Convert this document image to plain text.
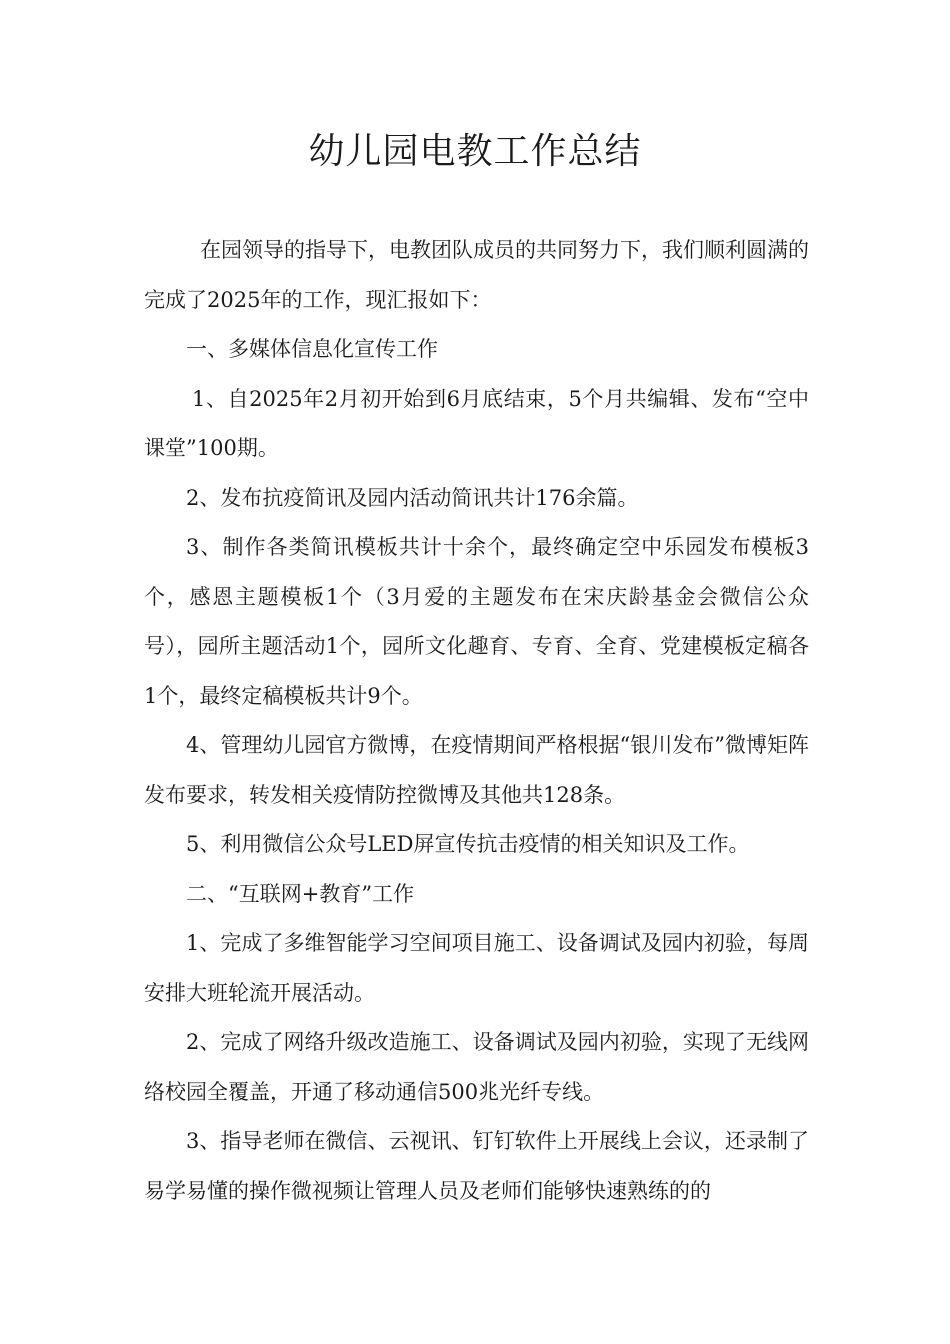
幼儿园电教工作总结

在园领导的指导下，电教团队成员的共同努力下，我们顺利圆满的完成了2025年的工作，现汇报如下：

一、多媒体信息化宣传工作

1、自2025年2月初开始到6月底结束，5个月共编辑、发布“空中课堂”100期。

2、发布抗疫简讯及园内活动简讯共计176余篇。

3、制作各类简讯模板共计十余个，最终确定空中乐园发布模板3个，感恩主题模板1个（3月爱的主题发布在宋庆龄基金会微信公众号），园所主题活动1个，园所文化趣育、专育、全育、党建模板定稿各1个，最终定稿模板共计9个。

4、管理幼儿园官方微博，在疫情期间严格根据“银川发布”微博矩阵发布要求，转发相关疫情防控微博及其他共128条。

5、利用微信公众号LED屏宣传抗击疫情的相关知识及工作。

二、“互联网+教育”工作

1、完成了多维智能学习空间项目施工、设备调试及园内初验，每周安排大班轮流开展活动。

2、完成了网络升级改造施工、设备调试及园内初验，实现了无线网络校园全覆盖，开通了移动通信500兆光纤专线。

3、指导老师在微信、云视讯、钉钉软件上开展线上会议，还录制了易学易懂的操作微视频让管理人员及老师们能够快速熟练的的
